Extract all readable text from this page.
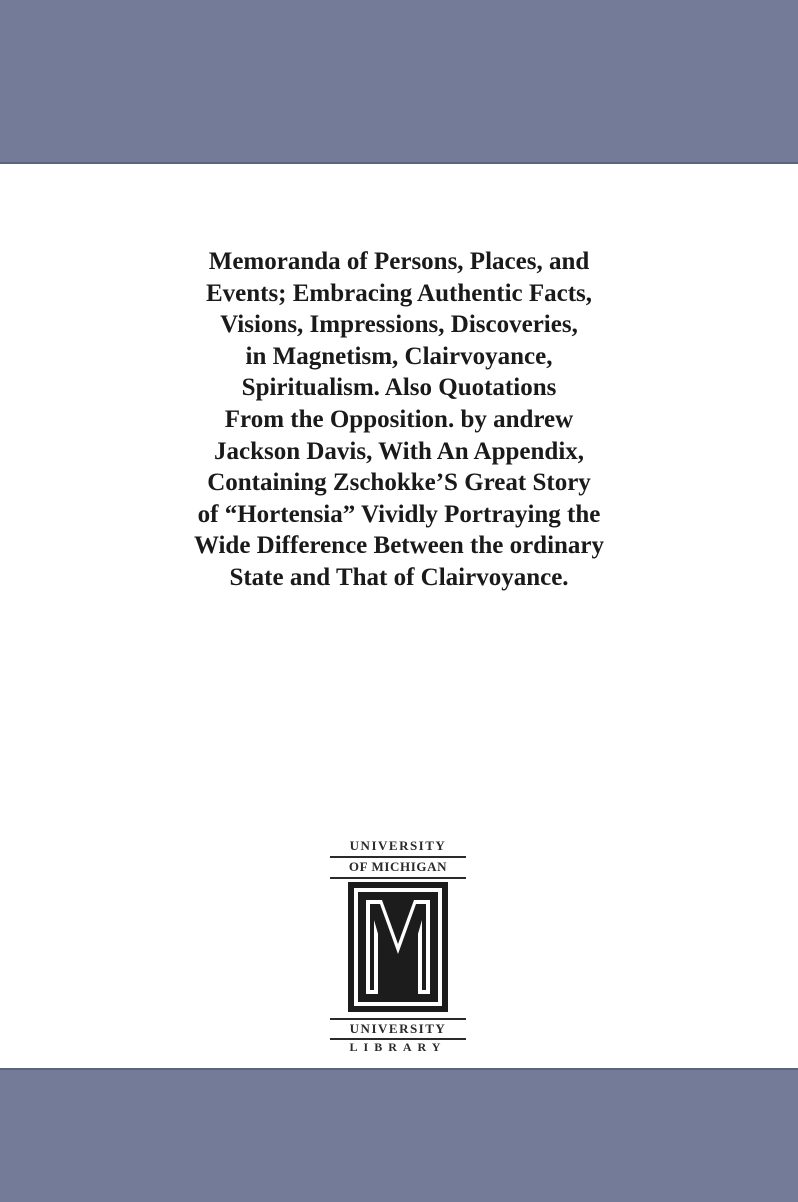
Memoranda of Persons, Places, and
Events; Embracing Authentic Facts,
Visions, Impressions, Discoveries,
in Magnetism, Clairvoyance,
Spiritualism. Also Quotations
From the Opposition. by andrew
Jackson Davis, With An Appendix,
Containing Zschokke’S Great Story
of “Hortensia” Vividly Portraying the
Wide Difference Between the ordinary
State and That of Clairvoyance.
UNIVERSITY
OF MICHIGAN
UNIVERSITY
LIBRARY
